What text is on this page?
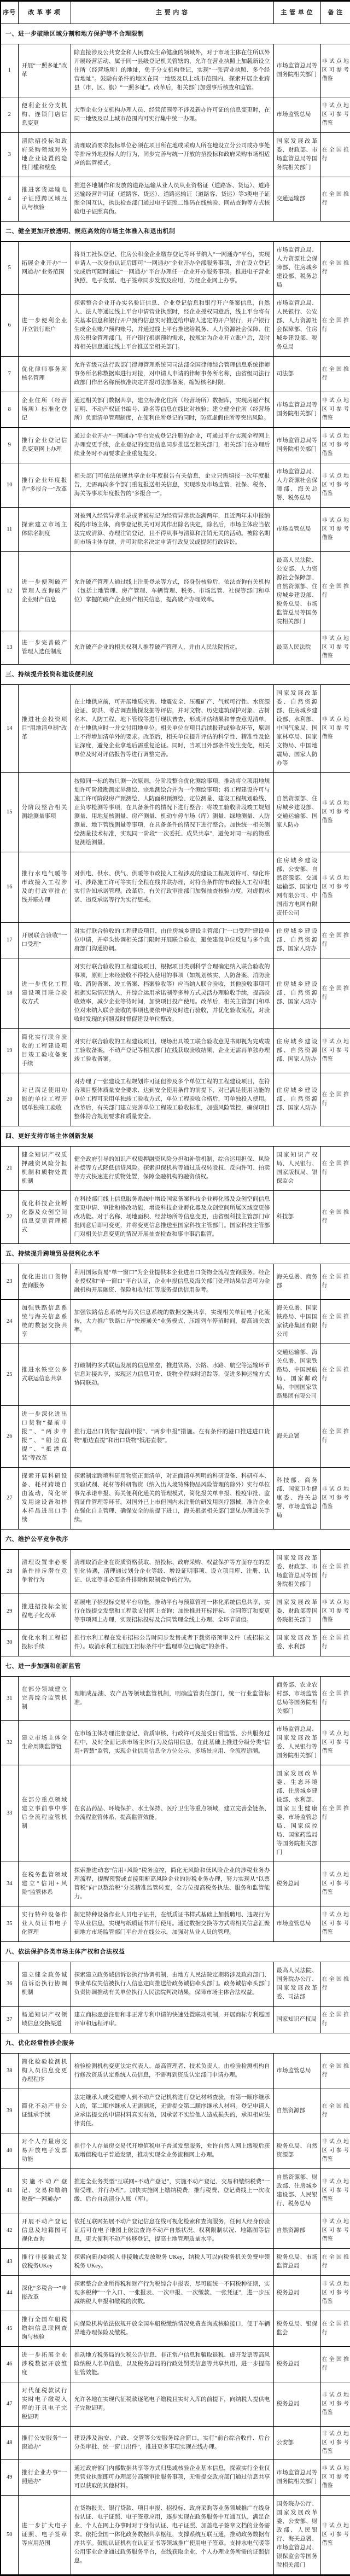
序号	改 革 事 项	主 要 内 容	主 管 单 位	备 注
一、进一步破除区域分割和地方保护等不合理限制				
1	开展“一照多址”改革	除直接涉及公共安全和人民群众生命健康的领域外，对于市场主体在住所以外开展经营活动、属于同一县级登记机关管辖的，允许在营业执照上加载新设立住所（经营场所）的地址，免于分支机构登记，实现“一张营业执照、多个经营地址”。鼓励有条件的地区在同一地级及以上城市范围内，探索开展企业跨县（市、区、旗）“一照多址”。改革后，相关部门加强事后核查和监管。	市场监管总局等国务院相关部门	非试点地区可参考借鉴
2	便利企业分支机构、连锁门店信息变更	大型企业分支机构办理人员、经营范围等不涉及新办许可证的信息变更时，在同一地级及以上城市范围内可实行集中统一办理。	市场监管总局	非试点地区可参考借鉴
3	清除招投标和政府采购领域对外地企业设置的隐性门槛和壁垒	清理取消要求投标单位必须在项目所在地或采购人所在地设立分公司或办事处等排斥外地投标人的行为，同步完善与统一开放的招投标和政府采购市场相适应的监管模式。	国家发展改革委、财政部、市场监管总局等国务院相关部门	在全国推行
4	推进客货运输电子证照跨区域互认与核验	推进各地制作和发放的道路运输从业人员从业资格证（道路客、货运）、道路运输经营许可证（道路客、货运）、道路运输证（道路客、货运）等3类电子证照全国互认，执法检查部门通过电子证照二维码在线核验、网站查询等方式核验电子证照真伪。	交通运输部	在全国推行
二、健全更加开放透明、规范高效的市场主体准入和退出机制				
5	拓展企业开办“一网通办”业务范围	将员工社保登记、住房公积金企业缴存登记等环节纳入“一网通办”平台，实现申请人一次身份认证后即可“一网通办”企业开办全部服务事项，并在设立登记完成后可随时通过“一网通办”平台办理任一企业开办服务事项。推进电子营业执照、电子发票、电子签章同步发放及应用，方便企业网上办事。	市场监管总局、人力资源社会保障部、住房城乡建设部、税务总局	在全国推行
6	进一步便利企业开立银行账户	探索整合企业开办实名验证信息、企业登记信息和银行开户备案信息，自然人、法人等通过线上平台申请营业执照时，经企业授权同意后，线上平台将有关基本信息和银行开户预约信息实时推送给申请人选定的开户银行，开户银行生成企业账户预约账号，并通过线上平台推送给税务、人力资源社会保障、住房公积金管理部门。开户银行根据预约需求，按规定为企业开立账户后，及时将相关信息通过线上平台推送至相关部门。	市场监管总局、人民银行、公安部、人力资源社会保障部、住房城乡建设部、税务总局	在全国推行
7	优化律师事务所核名管理	允许省级司法行政部门律师管理系统同司法部全国律师综合管理信息系统律师事务所名称数据库进行对接，对申请人申请的律师事务所名称，由省级司法行政部门作出名称预核准决定并报司法部备案，缩短核名时限。	司法部	在全国推行
8	企业住所（经营场所）标准化登记	通过相关部门数据共享，建立标准化住所（经营场所）数据库，实现房屋产权证明、不动产权证书编号、路名等信息在线比对核验；建立健全住所（经营场所）负面清单管理制度，在便利住所登记的同时，防范虚假住所等突出风险。	市场监管总局等国务院相关部门	非试点地区可参考借鉴
9	推行企业登记信息变更网上办理	通过企业开办“一网通办”平台完成登记注册的企业，可通过平台实现全程网上办理变更手续，企业登记的变更信息同步推送至相关部门，相关部门在办理后续业务时不再要求企业重复提交。	市场监管总局等国务院相关部门	非试点地区可参考借鉴
10	推行企业年度报告“多报合一”改革	相关部门可依法依规共享企业年度报告有关信息，企业只需填报一次年度报告，无需再向多个部门重复报送相关信息，实现涉及市场监管、社保、税务、海关等事项年度报告的“多报合一”。	市场监管总局、人力资源社会保障部、海关总署、税务总局	非试点地区可参考借鉴
11	探索建立市场主体除名制度	对被列入经营异常名录或者被标记为经营异常状态满两年，且近两年未申报纳税的市场主体，商事登记机关可对其作出除名决定，除名后，市场主体应当依法完成清算、办理注销登记，且不得从事与清算和注销无关的活动。被除名期间市场主体存续，并可对除名决定申请行政复议或提起行政诉讼。	市场监管总局	非试点地区可参考借鉴
12	进一步便利破产管理人查询破产企业财产信息	允许破产管理人通过线上注册登录等方式，经身份核验后，依法查询有关机构（包括土地管理、房产管理、车辆管理、税务、市场监管、社保等部门和单位）掌握的破产企业财产相关信息，提高破产办理效率。	最高人民法院、公安部、人力资源社会保障部、自然资源部、住房城乡建设部、税务总局、市场监管总局等国务院相关部门	在全国推行
13	进一步完善破产管理人选任制度	允许破产企业的相关权利人推荐破产管理人，并由人民法院指定。	最高人民法院	非试点地区可参考借鉴
三、持续提升投资和建设便利度				
14	推进社会投资项目“用地清单制”改革	在土地供应前，可开展地质灾害、地震安全、压覆矿产、气候可行性、水资源论证、防洪、考古调查勘探发掘等评估，并对文物、历史建筑保护对象、古树名木、人防工程、地下管线等进行现状普查，形成评估结果和普查意见清单，在土地供应时一并交付用地单位。相关单位在项目后续报建或验收环节，原则上不得增加清单外的要求。改革后，相关单位提升评估的科学性、精准性及论证深度，避免企业拿地后需重复论证。同时，当项目外部条件发生变化，相关单位及时对评估报告等进行调整完善。	国家发展改革委、自然资源部、住房城乡建设部、水利部、中国气象局、国家林草局、国家文物局、中国地震局、国家人防办等	非试点地区可参考借鉴
15	分阶段整合相关测绘测量事项	按照同一标的物只测一次原则，分阶段整合优化测绘事项，推动将立项用地规划许可阶段勘测定界测绘、宗地测绘合并为一个测绘事项；将工程建设许可与施工许可阶段房产预测绘、人防面积预测绘、定位测量、建设工程规划验线、正负零检测等事项，在具备条件的情况下进行整合；将竣工验收阶段竣工规划测量、用地复核测量、房产测量、机动车停车场（库）测量、绿地测量、人防测量、地下管线测量等事项，在具备条件的情况下进行整合。加快统一相关测绘测量技术标准，实现同一阶段“一次委托、成果共享”，避免对同一标的物重复测绘测量。	自然资源部、住房城乡建设部、交通运输部、国家人防办	非试点地区可参考借鉴
16	推行水电气暖等市政接入工程涉及的行政审批在线并联办理	对供电、供水、供气、供暖等市政接入工程涉及的建设工程规划许可、绿化许可、涉路施工许可等实行全程在线并联办理，对符合条件的市政接入工程审批实行告知承诺管理。改革后，有关行政审批部门加强抽查核验力度，对虚假承诺、违反承诺等行为实行惩戒。	住房城乡建设部、公安部、自然资源部、交通运输部、国家电网有限公司、中国南方电网有限责任公司	非试点地区可参考借鉴
17	开展联合验收“一口受理”	对实行联合验收的工程建设项目，由住房城乡建设主管部门“一口受理”建设单位申请，并牵头协调相关部门限时开展联合验收，避免建设单位反复与多个政府部门沟通协调。	住房城乡建设部、自然资源部、国家人防办	在全国推行
18	进一步优化工程建设项目联合验收方式	对实行联合验收的工程建设项目，根据项目类别科学合理确定纳入联合验收的事项，原则上未经验收不得投入使用的事项（如规划核实、人防备案、消防验收、消防备案、竣工备案、档案验收等）应当纳入联合验收，其他验收事项可根据实际情况纳入，并综合运用承诺制等多种方式灵活办理验收手续，提高验收效率，减少企业等待时间，加快项目投产使用。改革后，相关主管部门和单位对未纳入联合验收的事项也要依申请及时进行验收，并优化验收流程，对验收时发现的问题及时督促建设单位整改。	住房城乡建设部、自然资源部、国家人防办	在全国推行
19	简化实行联合验收的工程建设项目竣工验收备案手续	对实行联合验收的工程建设项目，现场出具竣工联合验收意见书即视为完成竣工验收备案，不动产登记等相关部门在线获取验收结果，企业无需再单独办理竣工验收备案。	住房城乡建设部、自然资源部、国家人防办	非试点地区可参考借鉴
20	对已满足使用功能的单位工程开展单独竣工验收	对办理了一张建设工程规划许可证但涉及多个单位工程的工程建设项目，在符合项目整体质量安全要求、达到安全使用条件的前提下，对已满足使用功能的单位工程可采用单独竣工验收方式，单位工程验收合格后，可单独投入使用。改革后，有关部门建立完善单位工程竣工验收标准，加强风险管控，确保项目整体符合规划要求和质量安全。	住房城乡建设部、自然资源部、国家人防办	在全国推行
四、更好支持市场主体创新发展				
21	健全知识产权质押融资风险分担机制和质物处置机制	健全政府引导的知识产权质押融资风险分担和补偿机制，综合运用担保、风险补偿等方式降低信贷风险。探索担保机构等通过质权转股权、反向许可、拍卖等方式快速进行质物处置，保障金融机构的融资债权。	国家知识产权局、人民银行、国家版权局、银保监会	在全国推行
22	优化科技企业孵化器及众创空间信息变更管理模式	在科技部门线上信息服务系统中增设国家备案科技企业孵化器及众创空间信息变更申请、审批和修改功能，增设科技企业孵化器及众创空间所属区域变更修改功能。对于名称、场地面积、经营场所等信息变更，由省级科技主管部门审批同意后即可变更，并将变更信息推送至国家科技主管部门。国家科技主管部门对相关信息变更的情况开展抽查检查和事中事后监管。	科技部	在全国推行
五、持续提升跨境贸易便利化水平				
23	优化进出口货物查询服务	利用国际贸易“单一窗口”为企业提供本企业进出口货物全流程查询服务。经企业授权和“单一窗口”平台认证，企业申报信息及海关部门处理结果信息可为金融机构开展融资、保险和收付汇等服务提供信用参考。	海关总署、商务部	在全国推行
24	加强铁路信息系统与海关信息系统的数据交换共享	加强铁路信息系统与海关信息系统的数据交换共享，实现相关单证电子化流转，大力推广铁路口岸“快速通关”业务模式，压缩列车停留时间，提高通关效率。	海关总署、国家铁路局、中国国家铁路集团有限公司	在全国推行
25	推进水铁空公多式联运信息共享	打破制约多式联运发展的信息壁垒，推进铁路、公路、水路、航空等运输环节信息对接共享，实现运力信息可查、货物全程实时追踪等，促进多种运输方式协同联动。	交通运输部、海关总署、国家铁路局、中国民航局、国家邮政局、中国国家铁路集团有限公司	在全国推行
26	进一步深化进出口货物“提前申报”、“两步申报”、“船边直提”、“抵港直装”等改革	推行进出口货物“提前申报”、“两步申报”措施。在有条件的港口推进进口货物“船边直提”和出口货物“抵港直装”。	海关总署	在全国推行
27	探索开展科研设备、耗材跨境自由流动，简化研发用途设备和样本样品进出口手续	探索制定跨境科研用物资正面清单，对正面清单列明的科研设备、科研样本、实验试剂、耗材等科研物资（纳入出入境特殊物品风险管理的除外）实行单位事先承诺申报、海关便利化通关的管理模式，简化报关单申报、检疫审批、监管证件管理等环节。对国外已上市但国内未注册的研发用医疗器械，准许企业在强化自主管理、确保安全的前提下进口，海关根据相关部门意见办理通关手续。	科技部、商务部、国家卫生健康委、海关总署、市场监管总局	非试点地区可参考借鉴
六、维护公平竞争秩序				
28	清理设置非必要条件排斥潜在竞争者行为	清理取消企业在资质资格获取、招投标、政府采购、权益保护等方面存在的差别化待遇，清理通过划分企业等级、增设证明事项、设立项目库、注册、认证、认定等非必要条件排除和限制竞争的行为。	国家发展改革委、财政部、市场监管总局等国务院相关部门	在全国推行
29	推进招投标全流程电子化改革	拓展电子招投标交易平台功能，推动平台与预算管理一体化系统信息共享，实行在线提交发票和工程款支付网上查询；加快推进开标评标、合同签订和变更等事项网上办理，实现招标投标及合同管理全线上办理、全环节留痕。	国家发展改革委、财政部等国务院相关部门	非试点地区可参考借鉴
30	优化水利工程招投标手续	推行水利工程在发布招标公告时同步发售或者下载资格预审文件（或招标文件）。取消水利工程施工招标条件中“监理单位已确定”的条件。	国家发展改革委、水利部	在全国推行
七、进一步加强和创新监管				
31	在部分领域建立完善综合监管机制	理顺成品油、农产品等领域监管机制，明确监管责任部门，统一行业监管标准。	商务部、农业农村部、市场监管总局等国务院相关部门	在全国推行
32	建立市场主体全生命周期监管链	在市场主体办理注册登记、资质审核、行政许可及接受日常监管、公共服务过程中，及时全面记录市场主体行为及信用信息，在此基础上推进分级分类“信用+智慧”监管，实现企业信用信息全方位公示、多场景应用、全流程追溯。	市场监管总局、国家发展改革委、人民银行等国务院相关部门	非试点地区可参考借鉴
33	在部分重点领域建立事前事中事后全流程监管机制	在食品药品、环境保护、水土保持、医疗卫生等重点领域，建立完善全链条、全流程监管体系，提高监管效能。	国家发展改革委、生态环境部、住房城乡建设部、水利部、国家卫生健康委、市场监管总局、国家疾控局、国家药监局等国务院相关部门	在全国推行
34	在税务监管领域建立“信用+风险”监管体系	探索推进动态“信用+风险”税务监控，简化无风险和低风险企业的涉税业务办理流程，提醒预警或直接阻断高风险企业的涉税业务办理，努力实现从“以票管税”向“以数治税”分类精准监管转变，全方位提高税务执法、服务和监管能力。	税务总局	非试点地区可参考借鉴
35	实行特种设备作业人员证书电子化管理	制定特种设备作业人员电子证书，在纸质证书样式基础上加载聘用、违规行为等从业信息，实现与纸质证书并行使用。通过数据交换等方式将相关信息汇聚到地方市场监管部门平台并在线公示，加强对从业人员的管理。	市场监管总局	非试点地区可参考借鉴
八、依法保护各类市场主体产权和合法权益				
36	建立健全政务诚信诉讼执行协调机制	探索建立政务诚信诉讼执行协调机制，由地方人民法院定期将涉及政府部门、事业单位失信被执行人信息定向推送给政务诚信牵头部门。政务诚信牵头部门负责协调推动有关单位执行人民法院判决结果，保障市场主体合法权益。	最高人民法院、国务院办公厅、国家发展改革委、司法部	在全国推行
37	畅通知识产权领域信息交换渠道	建立商标恶意注册和非正常专利申请的快速处置联动机制，开展商标专利巡回评审和远程评审。	国家知识产权局	在全国推行
九、优化经常性涉企服务				
38	简化检验检测机构人员信息变更办理程序	检验检测机构变更法定代表人、最高管理者、技术负责人，由检验检测机构自行修改资质认定系统人员信息，不需再到资质认定部门申请办理。	市场监管总局	在全国推行
39	简化不动产非公证继承手续	法定继承人或受遗赠人到不动产登记机构进行登记材料查验，有第一顺序继承人的，第二顺序继承人无需到场，无需提交第二顺序继承人材料。登记申请人应承诺提交的申请材料真实有效，因承诺不实给他人造成损失的，承担相应法律责任。	自然资源部	在全国推行
40	对个人存量房交易开放电子发票功能	推行个人存量房交易代开增值税电子普通发票服务，允许自然人网上缴税后获取增值税电子普通发票，推动实现全业务流程网上办理。	税务总局、自然资源部	非试点地区可参考借鉴
41	实施不动产登记、交易和缴纳税费“一网通办”	推进全业务类型“互联网+不动产登记”，实施不动产登记、交易和缴纳税费“一窗受理、并行办理”。加快实施网上缴纳税费，推行税费、登记费线上一次收缴、后台自动清分入账（库）。	自然资源部、财政部、住房城乡建设部、人民银行、税务总局	非试点地区可参考借鉴
42	开展不动产登记信息及地籍图可视化查询	依托互联网拓展不动产登记信息在线可视化检索和查询服务，任何人经身份验证后可在电子地图上依法查询不动产自然状况、权利限制状况、地籍图等信息，更大便利不动产转移登记，提高土地管理质量水平。	自然资源部	非试点地区可参考借鉴
43	推行非接触式发放税务UKey	探索向新办纳税人非接触式发放税务 UKey，纳税人可以向税务机关免费申领税务 UKey。	税务总局、市场监管总局	在全国推行
44	深化“多税合一”申报改革	探索整合企业所得税和财产行为税综合申报表，尽可能统一不同税种征期，实现多税种“一个入口、一张报表、一次申报、一次缴款、一张凭证”，进一步压减纳税人申报和缴税的次数。	税务总局	非试点地区可参考借鉴
45	推行全国车船税缴纳信息联网查询与核验	向保险机构依法依规开放全国车船税缴纳情况免费查询或核验接口，便于车辆异地办理保险及缴税。	税务总局、银保监会	在全国推行
46	进一步拓展企业涉税数据开放维度	推动地方税务局的欠税公告信息、非正常户信息和骗取退税、虚开发票等高风险纳税人名单信息，以及税务总局的行政处罚类信息等共享共用，进一步提高征管效能。	税务总局	在全国推行
47	对代征税款试行实时电子缴税入库的开具电子完税证明	允许各地在实现代征税款逐笔电子缴税且实时入库的前提下，向纳税人提供电子完税证明。	税务总局	非试点地区可参考借鉴
48	推行公安服务“一窗通办”	建设涉及治安、户政、交管等公安服务综合窗口，实行“前台综合收件、后台分类审批、统一窗口出件”，推进更多事项实现在线办理。	公安部	非试点地区可参考借鉴
49	推行企业办事“一照通办”	通过政府部门内部数据共享等方式归集或核验企业基本信息，探索实行企业仅凭营业执照即可办理部分高频审批服务事项，无需提交政府部门通过信息共享可以获取的其他材料。	市场监管总局等国务院相关部门	非试点地区可参考借鉴
50	进一步扩大电子证照、电子签章等应用范围	在货物报关、银行贷款、项目申报、招投标、政府采购等业务领域推广在线身份认证、电子证照、电子签章应用，逐步实现在政务服务中互通互认，满足企业、个人在网上办事时对于身份认证、电子证照、加盖电子签章文档的业务需求。依托全国一体化政务数据共享枢纽，支撑系统互联互通，推动政务数据有序共享。鼓励认证机构在认证证书等领域推广使用电子签章。支持水电气暖等公用事业企业通过政务服务平台，在线获取企业、个人办理业务所需的证照信息。	国务院办公厅、国家发展改革委、公安部、财政部、人民银行、海关总署、市场监管总局、银保监会等国务院相关部门	非试点地区可参考借鉴
